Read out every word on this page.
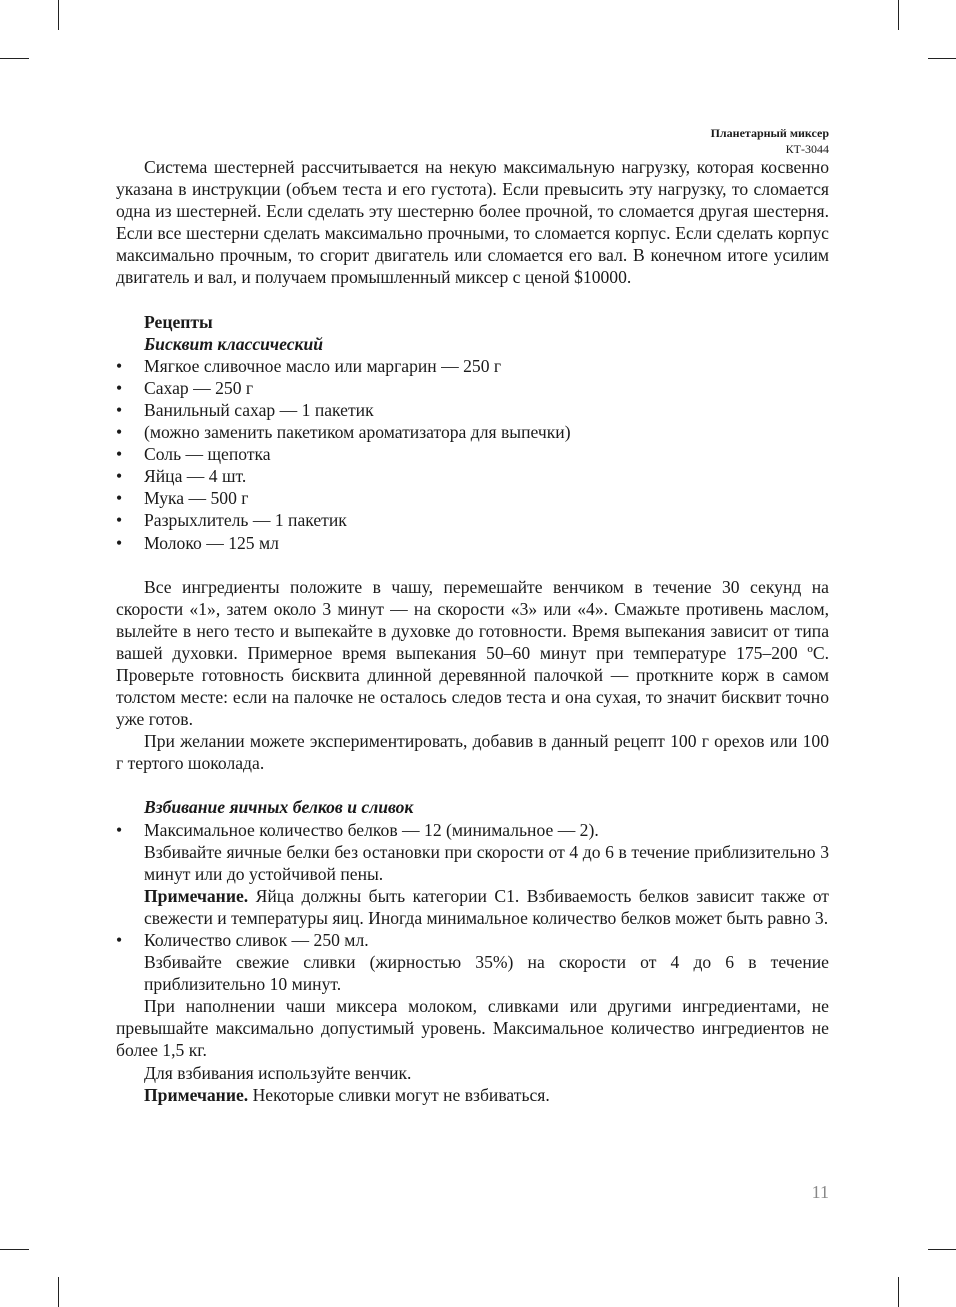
Планетарный миксер
КТ-3044

Система шестерней рассчитывается на некую максимальную нагрузку, которая косвенно указана в инструкции (объем теста и его густота). Если превысить эту нагрузку, то сломается одна из шестерней. Если сделать эту шестерню более прочной, то сломается другая шестерня. Если все шестерни сделать максимально прочными, то сломается корпус. Если сделать корпус максимально прочным, то сгорит двигатель или сломается его вал. В конечном итоге усилим двигатель и вал, и получаем промышленный миксер с ценой $10000.

Рецепты
Бисквит классический
• Мягкое сливочное масло или маргарин — 250 г
• Сахар — 250 г
• Ванильный сахар — 1 пакетик
• (можно заменить пакетиком ароматизатора для выпечки)
• Соль — щепотка
• Яйца — 4 шт.
• Мука — 500 г
• Разрыхлитель — 1 пакетик
• Молоко — 125 мл

Все ингредиенты положите в чашу, перемешайте венчиком в течение 30 секунд на скорости «1», затем около 3 минут — на скорости «3» или «4». Смажьте противень маслом, вылейте в него тесто и выпекайте в духовке до готовности. Время выпекания зависит от типа вашей духовки. Примерное время выпекания 50–60 минут при температуре 175–200 ºС. Проверьте готовность бисквита длинной деревянной палочкой — проткните корж в самом толстом месте: если на палочке не осталось следов теста и она сухая, то значит бисквит точно уже готов.

При желании можете экспериментировать, добавив в данный рецепт 100 г орехов или 100 г тертого шоколада.

Взбивание яичных белков и сливок
• Максимальное количество белков — 12 (минимальное — 2).

Взбивайте яичные белки без остановки при скорости от 4 до 6 в течение приблизительно 3 минут или до устойчивой пены.

Примечание. Яйца должны быть категории С1. Взбиваемость белков зависит также от свежести и температуры яиц. Иногда минимальное количество белков может быть равно 3.

• Количество сливок — 250 мл.

Взбивайте свежие сливки (жирностью 35%) на скорости от 4 до 6 в течение приблизительно 10 минут.

При наполнении чаши миксера молоком, сливками или другими ингредиентами, не превышайте максимально допустимый уровень. Максимальное количество ингредиентов не более 1,5 кг.

Для взбивания используйте венчик.

Примечание. Некоторые сливки могут не взбиваться.

11
